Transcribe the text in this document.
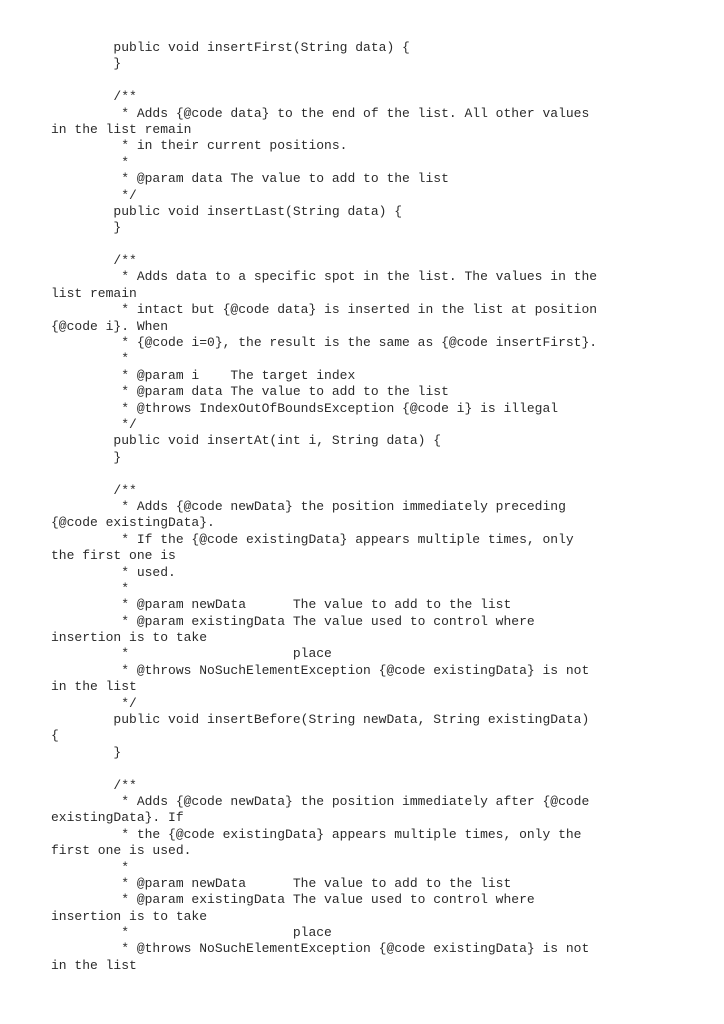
public void insertFirst(String data) {
}
/**
* Adds {@code data} to the end of the list. All other values
in the list remain
* in their current positions.
*
* @param data The value to add to the list
*/
public void insertLast(String data) {
}
/**
* Adds data to a specific spot in the list. The values in the
list remain
* intact but {@code data} is inserted in the list at position
{@code i}. When
* {@code i=0}, the result is the same as {@code insertFirst}.
*
* @param i    The target index
* @param data The value to add to the list
* @throws IndexOutOfBoundsException {@code i} is illegal
*/
public void insertAt(int i, String data) {
}
/**
* Adds {@code newData} the position immediately preceding
{@code existingData}.
* If the {@code existingData} appears multiple times, only
the first one is
* used.
*
* @param newData      The value to add to the list
* @param existingData The value used to control where
insertion is to take
*                     place
* @throws NoSuchElementException {@code existingData} is not
in the list
*/
public void insertBefore(String newData, String existingData)
{
}
/**
* Adds {@code newData} the position immediately after {@code
existingData}. If
* the {@code existingData} appears multiple times, only the
first one is used.
*
* @param newData      The value to add to the list
* @param existingData The value used to control where
insertion is to take
*                     place
* @throws NoSuchElementException {@code existingData} is not
in the list
